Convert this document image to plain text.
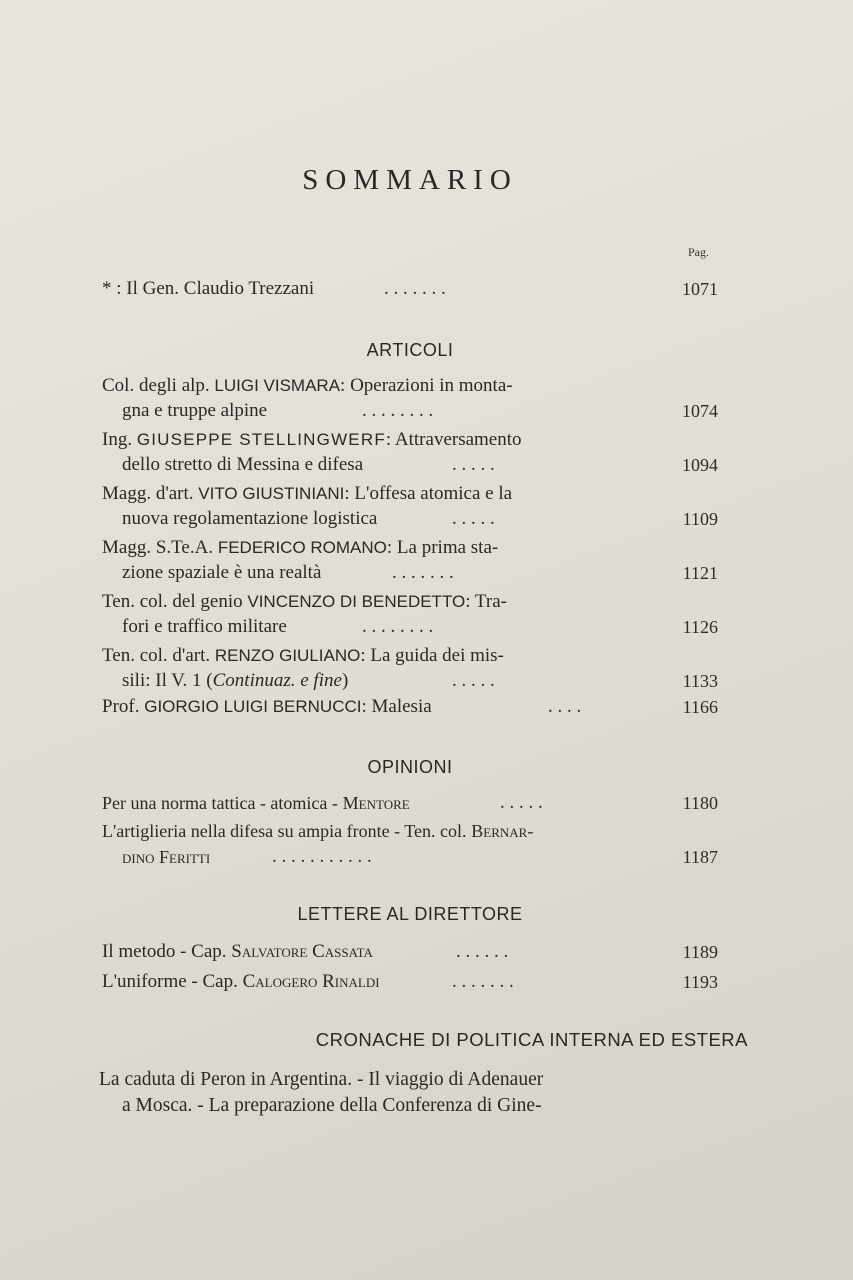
SOMMARIO
Pag.
* : Il Gen. Claudio Trezzani	. . . . . . .	1071
ARTICOLI
Col. degli alp. LUIGI VISMARA: Operazioni in monta-
gna e truppe alpine	. . . . . . . .	1074
Ing. GIUSEPPE STELLINGWERF: Attraversamento
dello stretto di Messina e difesa	. . . . .	1094
Magg. d'art. VITO GIUSTINIANI: L'offesa atomica e la
nuova regolamentazione logistica	. . . . .	1109
Magg. S.Te.A. FEDERICO ROMANO: La prima sta-
zione spaziale è una realtà	. . . . . . .	1121
Ten. col. del genio VINCENZO DI BENEDETTO: Tra-
fori e traffico militare	. . . . . . . .	1126
Ten. col. d'art. RENZO GIULIANO: La guida dei mis-
sili: Il V. 1 (Continuaz. e fine)	. . . . .	1133
Prof. GIORGIO LUIGI BERNUCCI: Malesia	. . . .	1166
OPINIONI
Per una norma tattica - atomica - Mentore	. . . . .	1180
L'artiglieria nella difesa su ampia fronte - Ten. col. Bernar-
dino Feritti	. . . . . . . . . . .	1187
LETTERE AL DIRETTORE
Il metodo - Cap. Salvatore Cassata	. . . . . .	1189
L'uniforme - Cap. Calogero Rinaldi	. . . . . . .	1193
CRONACHE DI POLITICA INTERNA ED ESTERA
La caduta di Peron in Argentina. - Il viaggio di Adenauer
a Mosca. - La preparazione della Conferenza di Gine-
